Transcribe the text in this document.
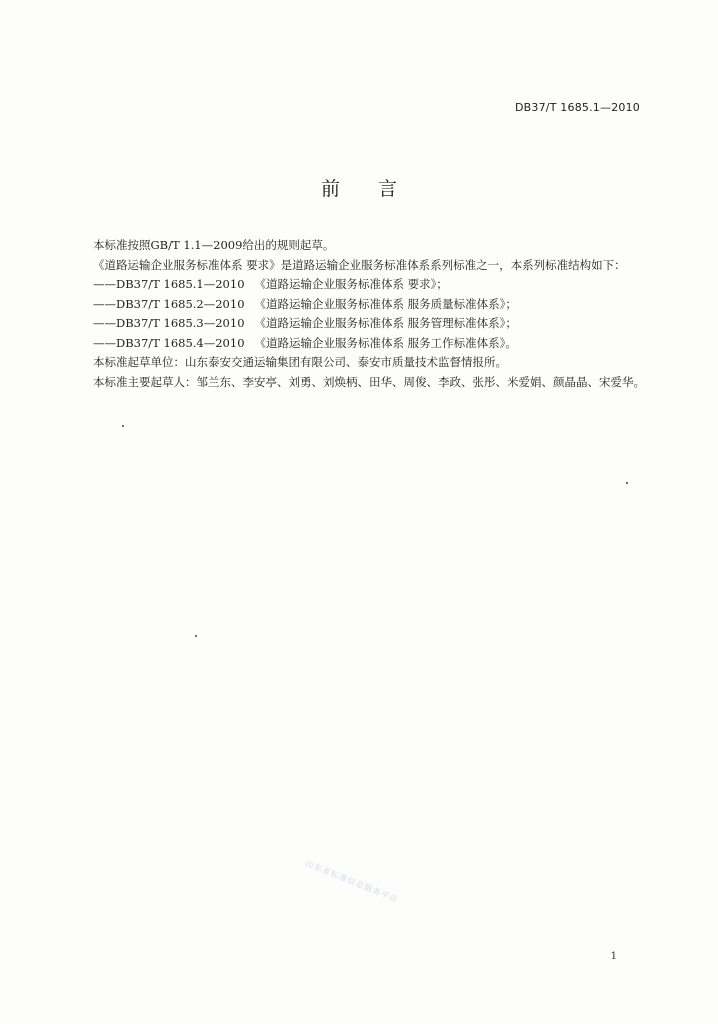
DB37/T 1685.1—2010
前言

本标准按照GB/T 1.1—2009给出的规则起草。

《道路运输企业服务标准体系 要求》是道路运输企业服务标准体系系列标准之一，本系列标准结构如下：

——DB37/T 1685.1—2010 《道路运输企业服务标准体系 要求》；

——DB37/T 1685.2—2010 《道路运输企业服务标准体系 服务质量标准体系》；

——DB37/T 1685.3—2010 《道路运输企业服务标准体系 服务管理标准体系》；

——DB37/T 1685.4—2010 《道路运输企业服务标准体系 服务工作标准体系》。

本标准起草单位：山东泰安交通运输集团有限公司、泰安市质量技术监督情报所。

本标准主要起草人：邹兰东、李安亭、刘勇、刘焕柄、田华、周俊、李政、张彤、米爱娟、颜晶晶、宋爱华。

山东省标准信息服务平台
1
